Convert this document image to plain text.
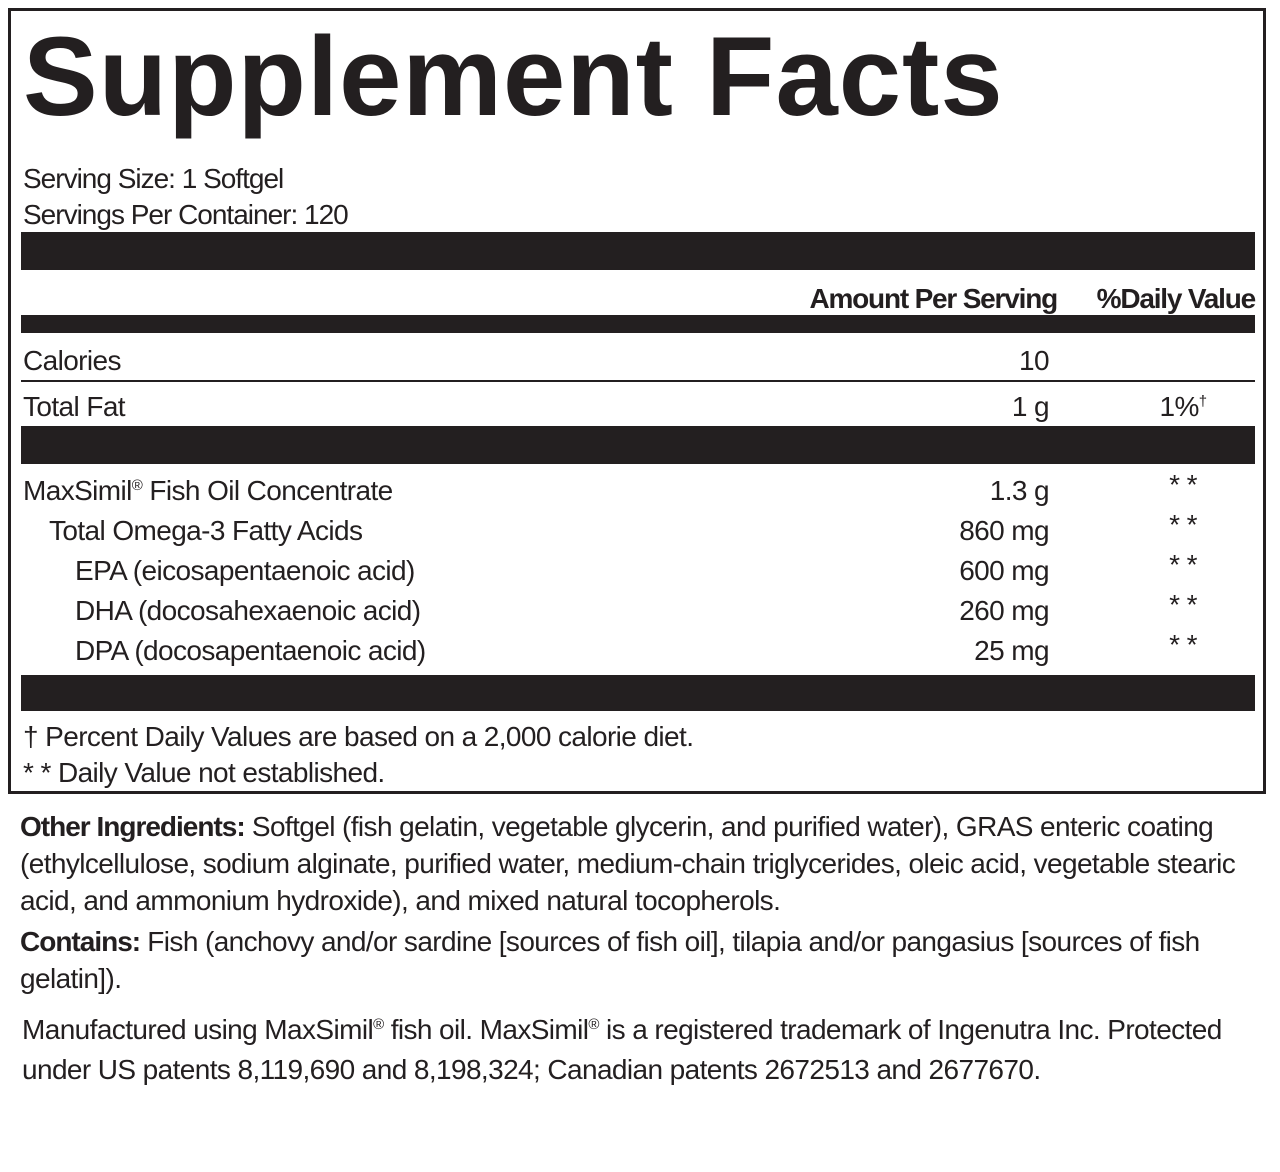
Supplement Facts
Serving Size: 1 Softgel
Servings Per Container: 120
Amount Per Serving %Daily Value
Calories	10
Total Fat	1 g	1%†
MaxSimil® Fish Oil Concentrate	1.3 g	* *
Total Omega-3 Fatty Acids	860 mg	* *
EPA (eicosapentaenoic acid)	600 mg	* *
DHA (docosahexaenoic acid)	260 mg	* *
DPA (docosapentaenoic acid)	25 mg	* *
† Percent Daily Values are based on a 2,000 calorie diet.
* * Daily Value not established.

Other Ingredients: Softgel (fish gelatin, vegetable glycerin, and purified water), GRAS enteric coating (ethylcellulose, sodium alginate, purified water, medium-chain triglycerides, oleic acid, vegetable stearic acid, and ammonium hydroxide), and mixed natural tocopherols.

Contains: Fish (anchovy and/or sardine [sources of fish oil], tilapia and/or pangasius [sources of fish gelatin]).

Manufactured using MaxSimil® fish oil. MaxSimil® is a registered trademark of Ingenutra Inc. Protected under US patents 8,119,690 and 8,198,324; Canadian patents 2672513 and 2677670.
